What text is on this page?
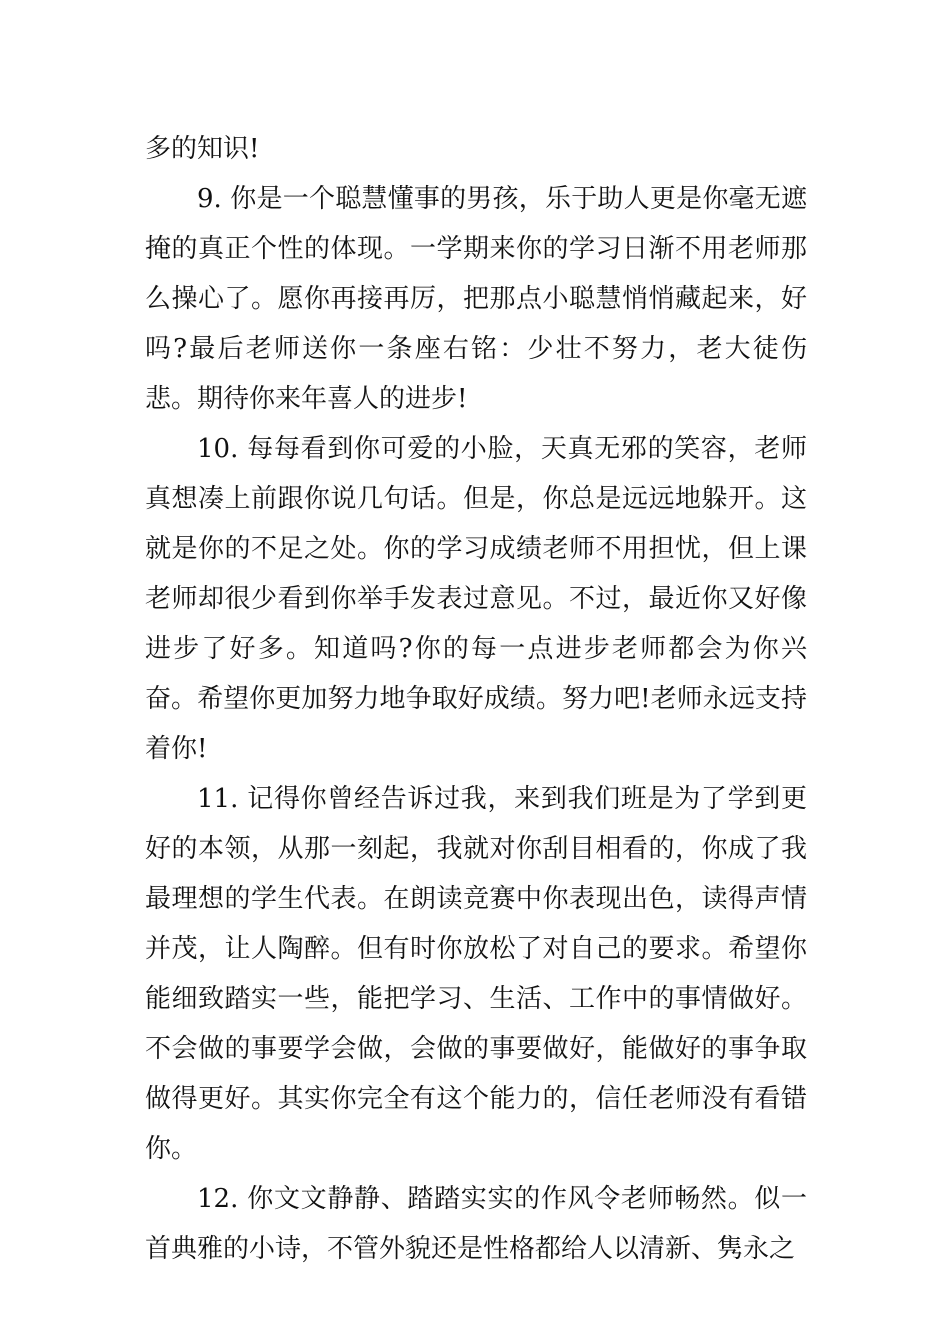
多的知识!

9. 你是一个聪慧懂事的男孩，乐于助人更是你毫无遮掩的真正个性的体现。一学期来你的学习日渐不用老师那么操心了。愿你再接再厉，把那点小聪慧悄悄藏起来，好吗?最后老师送你一条座右铭：少壮不努力，老大徒伤悲。期待你来年喜人的进步!

10. 每每看到你可爱的小脸，天真无邪的笑容，老师真想凑上前跟你说几句话。但是，你总是远远地躲开。这就是你的不足之处。你的学习成绩老师不用担忧，但上课老师却很少看到你举手发表过意见。不过，最近你又好像进步了好多。知道吗?你的每一点进步老师都会为你兴奋。希望你更加努力地争取好成绩。努力吧!老师永远支持着你!

11. 记得你曾经告诉过我，来到我们班是为了学到更好的本领，从那一刻起，我就对你刮目相看的，你成了我最理想的学生代表。在朗读竞赛中你表现出色，读得声情并茂，让人陶醉。但有时你放松了对自己的要求。希望你能细致踏实一些，能把学习、生活、工作中的事情做好。不会做的事要学会做，会做的事要做好，能做好的事争取做得更好。其实你完全有这个能力的，信任老师没有看错你。

12. 你文文静静、踏踏实实的作风令老师畅然。似一首典雅的小诗，不管外貌还是性格都给人以清新、隽永之
